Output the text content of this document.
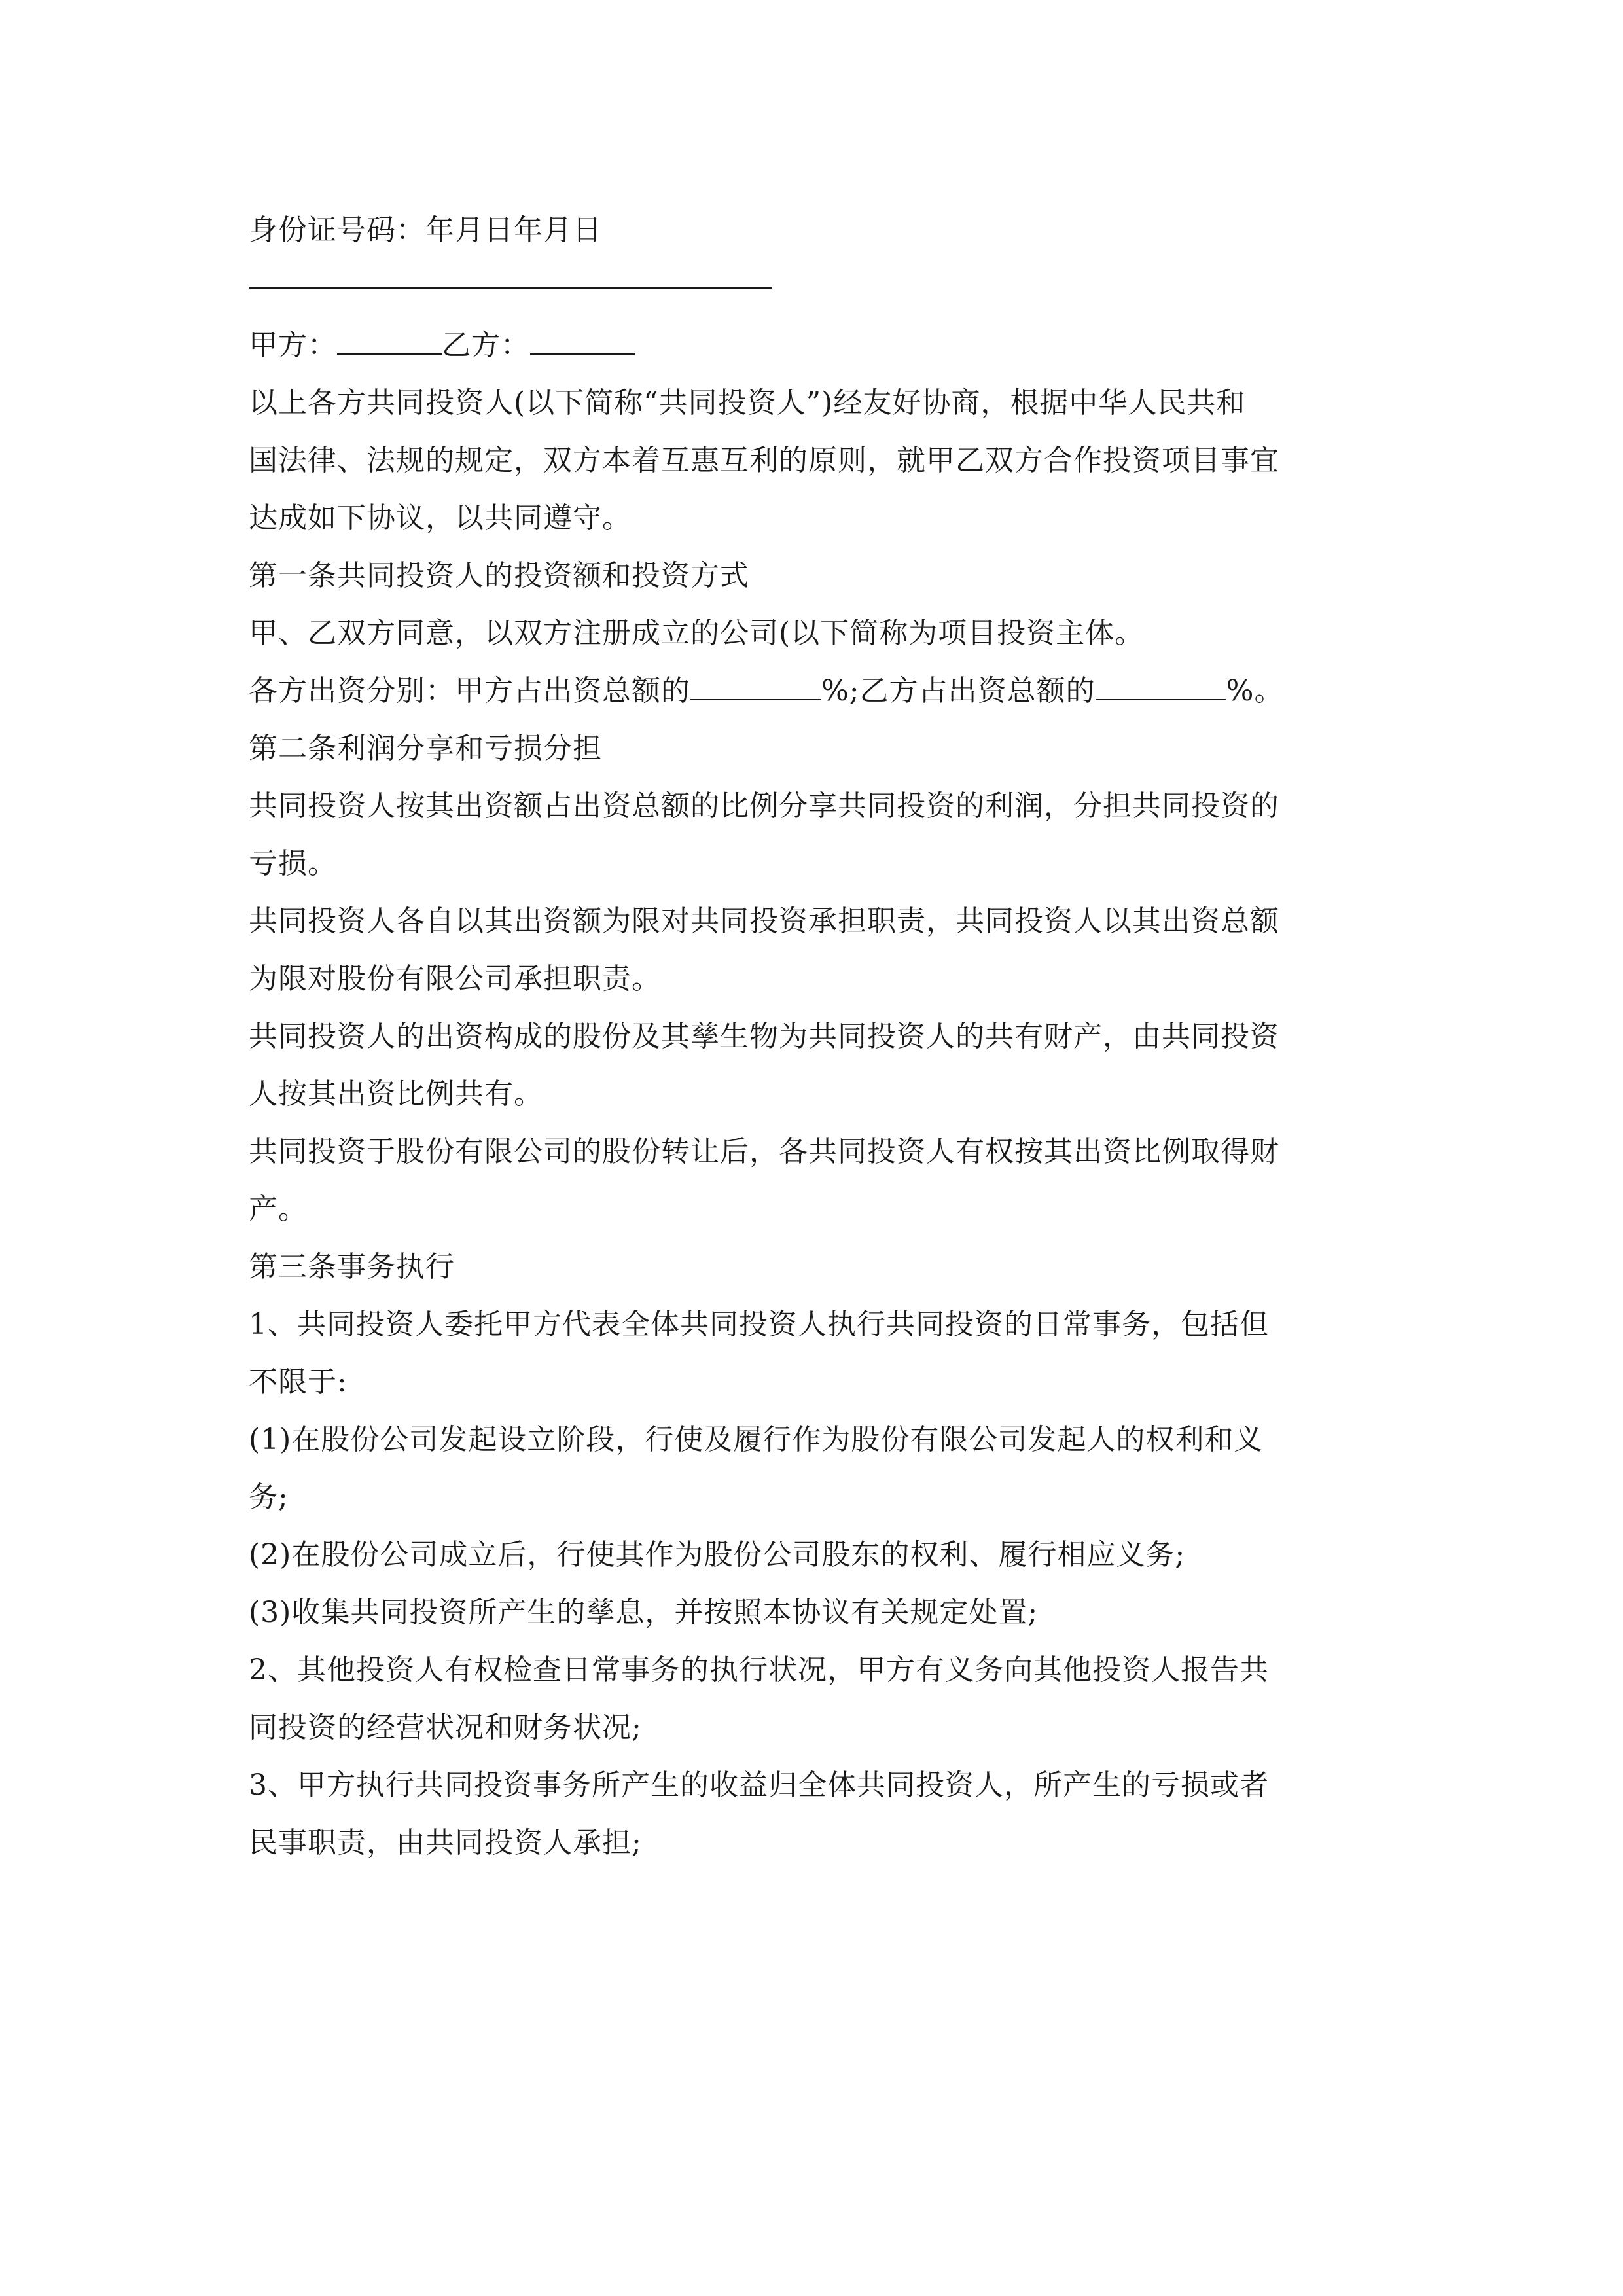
身份证号码：年月日年月日
甲方：	乙方：
以上各方共同投资人(以下简称“共同投资人”)经友好协商，根据中华人民共和
国法律、法规的规定，双方本着互惠互利的原则，就甲乙双方合作投资项目事宜
达成如下协议，以共同遵守。
第一条共同投资人的投资额和投资方式
甲、乙双方同意，以双方注册成立的公司(以下简称为项目投资主体。
各方出资分别：甲方占出资总额的	%;乙方占出资总额的	%。
第二条利润分享和亏损分担
共同投资人按其出资额占出资总额的比例分享共同投资的利润，分担共同投资的
亏损。
共同投资人各自以其出资额为限对共同投资承担职责，共同投资人以其出资总额
为限对股份有限公司承担职责。
共同投资人的出资构成的股份及其孳生物为共同投资人的共有财产，由共同投资
人按其出资比例共有。
共同投资于股份有限公司的股份转让后，各共同投资人有权按其出资比例取得财
产。
第三条事务执行
1、共同投资人委托甲方代表全体共同投资人执行共同投资的日常事务，包括但
不限于:
(1)在股份公司发起设立阶段，行使及履行作为股份有限公司发起人的权利和义
务;
(2)在股份公司成立后，行使其作为股份公司股东的权利、履行相应义务;
(3)收集共同投资所产生的孳息，并按照本协议有关规定处置;
2、其他投资人有权检查日常事务的执行状况，甲方有义务向其他投资人报告共
同投资的经营状况和财务状况;
3、甲方执行共同投资事务所产生的收益归全体共同投资人，所产生的亏损或者
民事职责，由共同投资人承担;
